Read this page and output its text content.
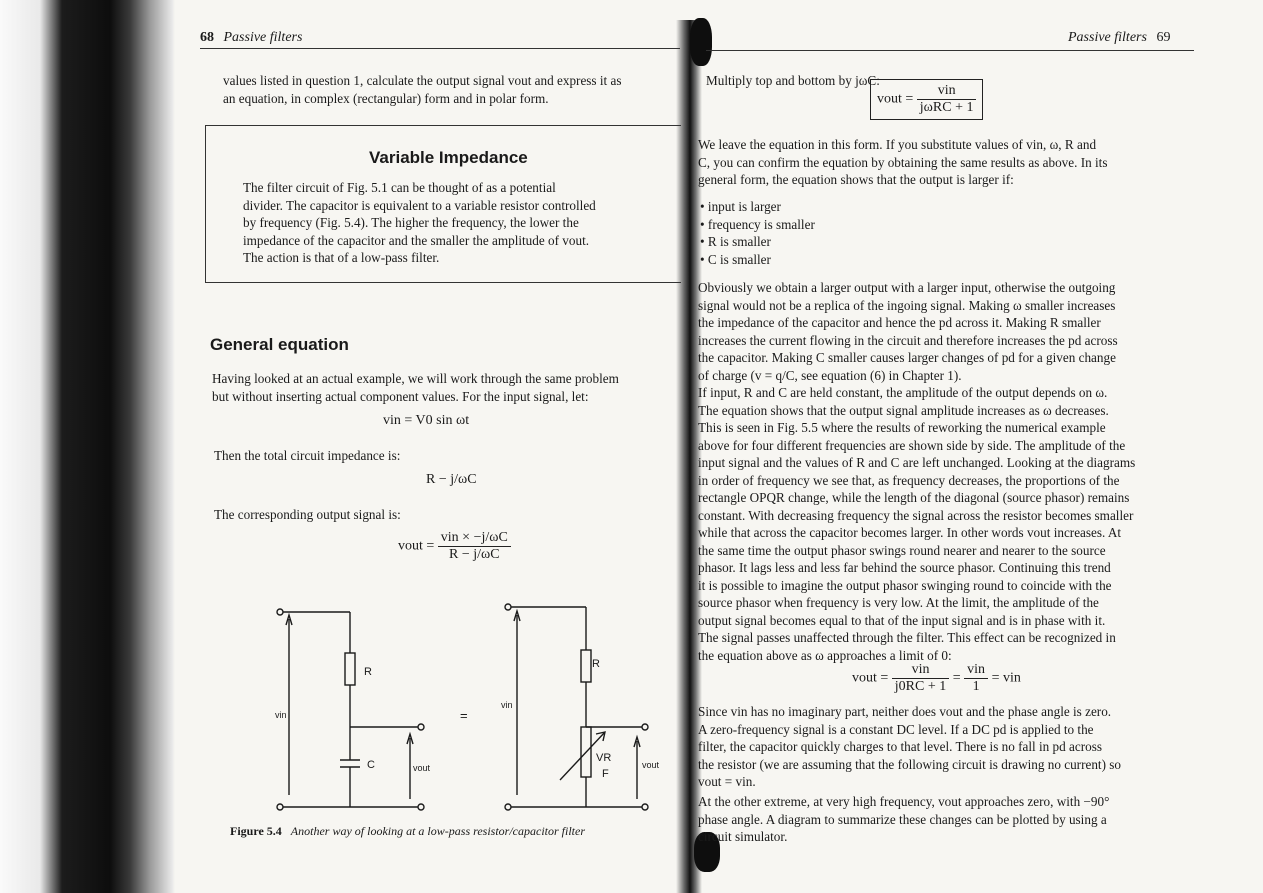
68 Passive filters

values listed in question 1, calculate the output signal vout and express it as

an equation, in complex (rectangular) form and in polar form.

Variable Impedance

The filter circuit of Fig. 5.1 can be thought of as a potential

divider. The capacitor is equivalent to a variable resistor controlled

by frequency (Fig. 5.4). The higher the frequency, the lower the

impedance of the capacitor and the smaller the amplitude of vout.

The action is that of a low-pass filter.

General equation

Having looked at an actual example, we will work through the same problem

but without inserting actual component values. For the input signal, let:

vin = V0 sin ωt
Then the total circuit impedance is:
R − j/ωC
The corresponding output signal is:
vout = $\frac{\text{vin × −j/ωC}}{R - j/\omega C}$
R
C
vin
vout
=
R
VR
F
vin
vout
Figure 5.4 Another way of looking at a low-pass resistor/capacitor filter
Passive filters 69
Multiply top and bottom by jωC:
vout = $\frac{\text{vin}}{\text{jωRC + 1}}$

We leave the equation in this form. If you substitute values of vin, ω, R and

C, you can confirm the equation by obtaining the same results as above. In its

general form, the equation shows that the output is larger if:

• input is larger
• frequency is smaller
• R is smaller
• C is smaller

Obviously we obtain a larger output with a larger input, otherwise the outgoing

signal would not be a replica of the ingoing signal. Making ω smaller increases

the impedance of the capacitor and hence the pd across it. Making R smaller

increases the current flowing in the circuit and therefore increases the pd across

the capacitor. Making C smaller causes larger changes of pd for a given change

of charge (v = q/C, see equation (6) in Chapter 1).

If input, R and C are held constant, the amplitude of the output depends on ω.

The equation shows that the output signal amplitude increases as ω decreases.

This is seen in Fig. 5.5 where the results of reworking the numerical example

above for four different frequencies are shown side by side. The amplitude of the

input signal and the values of R and C are left unchanged. Looking at the diagrams

in order of frequency we see that, as frequency decreases, the proportions of the

rectangle OPQR change, while the length of the diagonal (source phasor) remains

constant. With decreasing frequency the signal across the resistor becomes smaller

while that across the capacitor becomes larger. In other words vout increases. At

the same time the output phasor swings round nearer and nearer to the source

phasor. It lags less and less far behind the source phasor. Continuing this trend

it is possible to imagine the output phasor swinging round to coincide with the

source phasor when frequency is very low. At the limit, the amplitude of the

output signal becomes equal to that of the input signal and is in phase with it.

The signal passes unaffected through the filter. This effect can be recognized in

the equation above as ω approaches a limit of 0:

vout = $\frac{\text{vin}}{j0RC + 1} = \frac{\text{vin}}{1}$ = vin

Since vin has no imaginary part, neither does vout and the phase angle is zero.

A zero-frequency signal is a constant DC level. If a DC pd is applied to the

filter, the capacitor quickly charges to that level. There is no fall in pd across

the resistor (we are assuming that the following circuit is drawing no current) so

vout = vin.

At the other extreme, at very high frequency, vout approaches zero, with −90°

phase angle. A diagram to summarize these changes can be plotted by using a

circuit simulator.
